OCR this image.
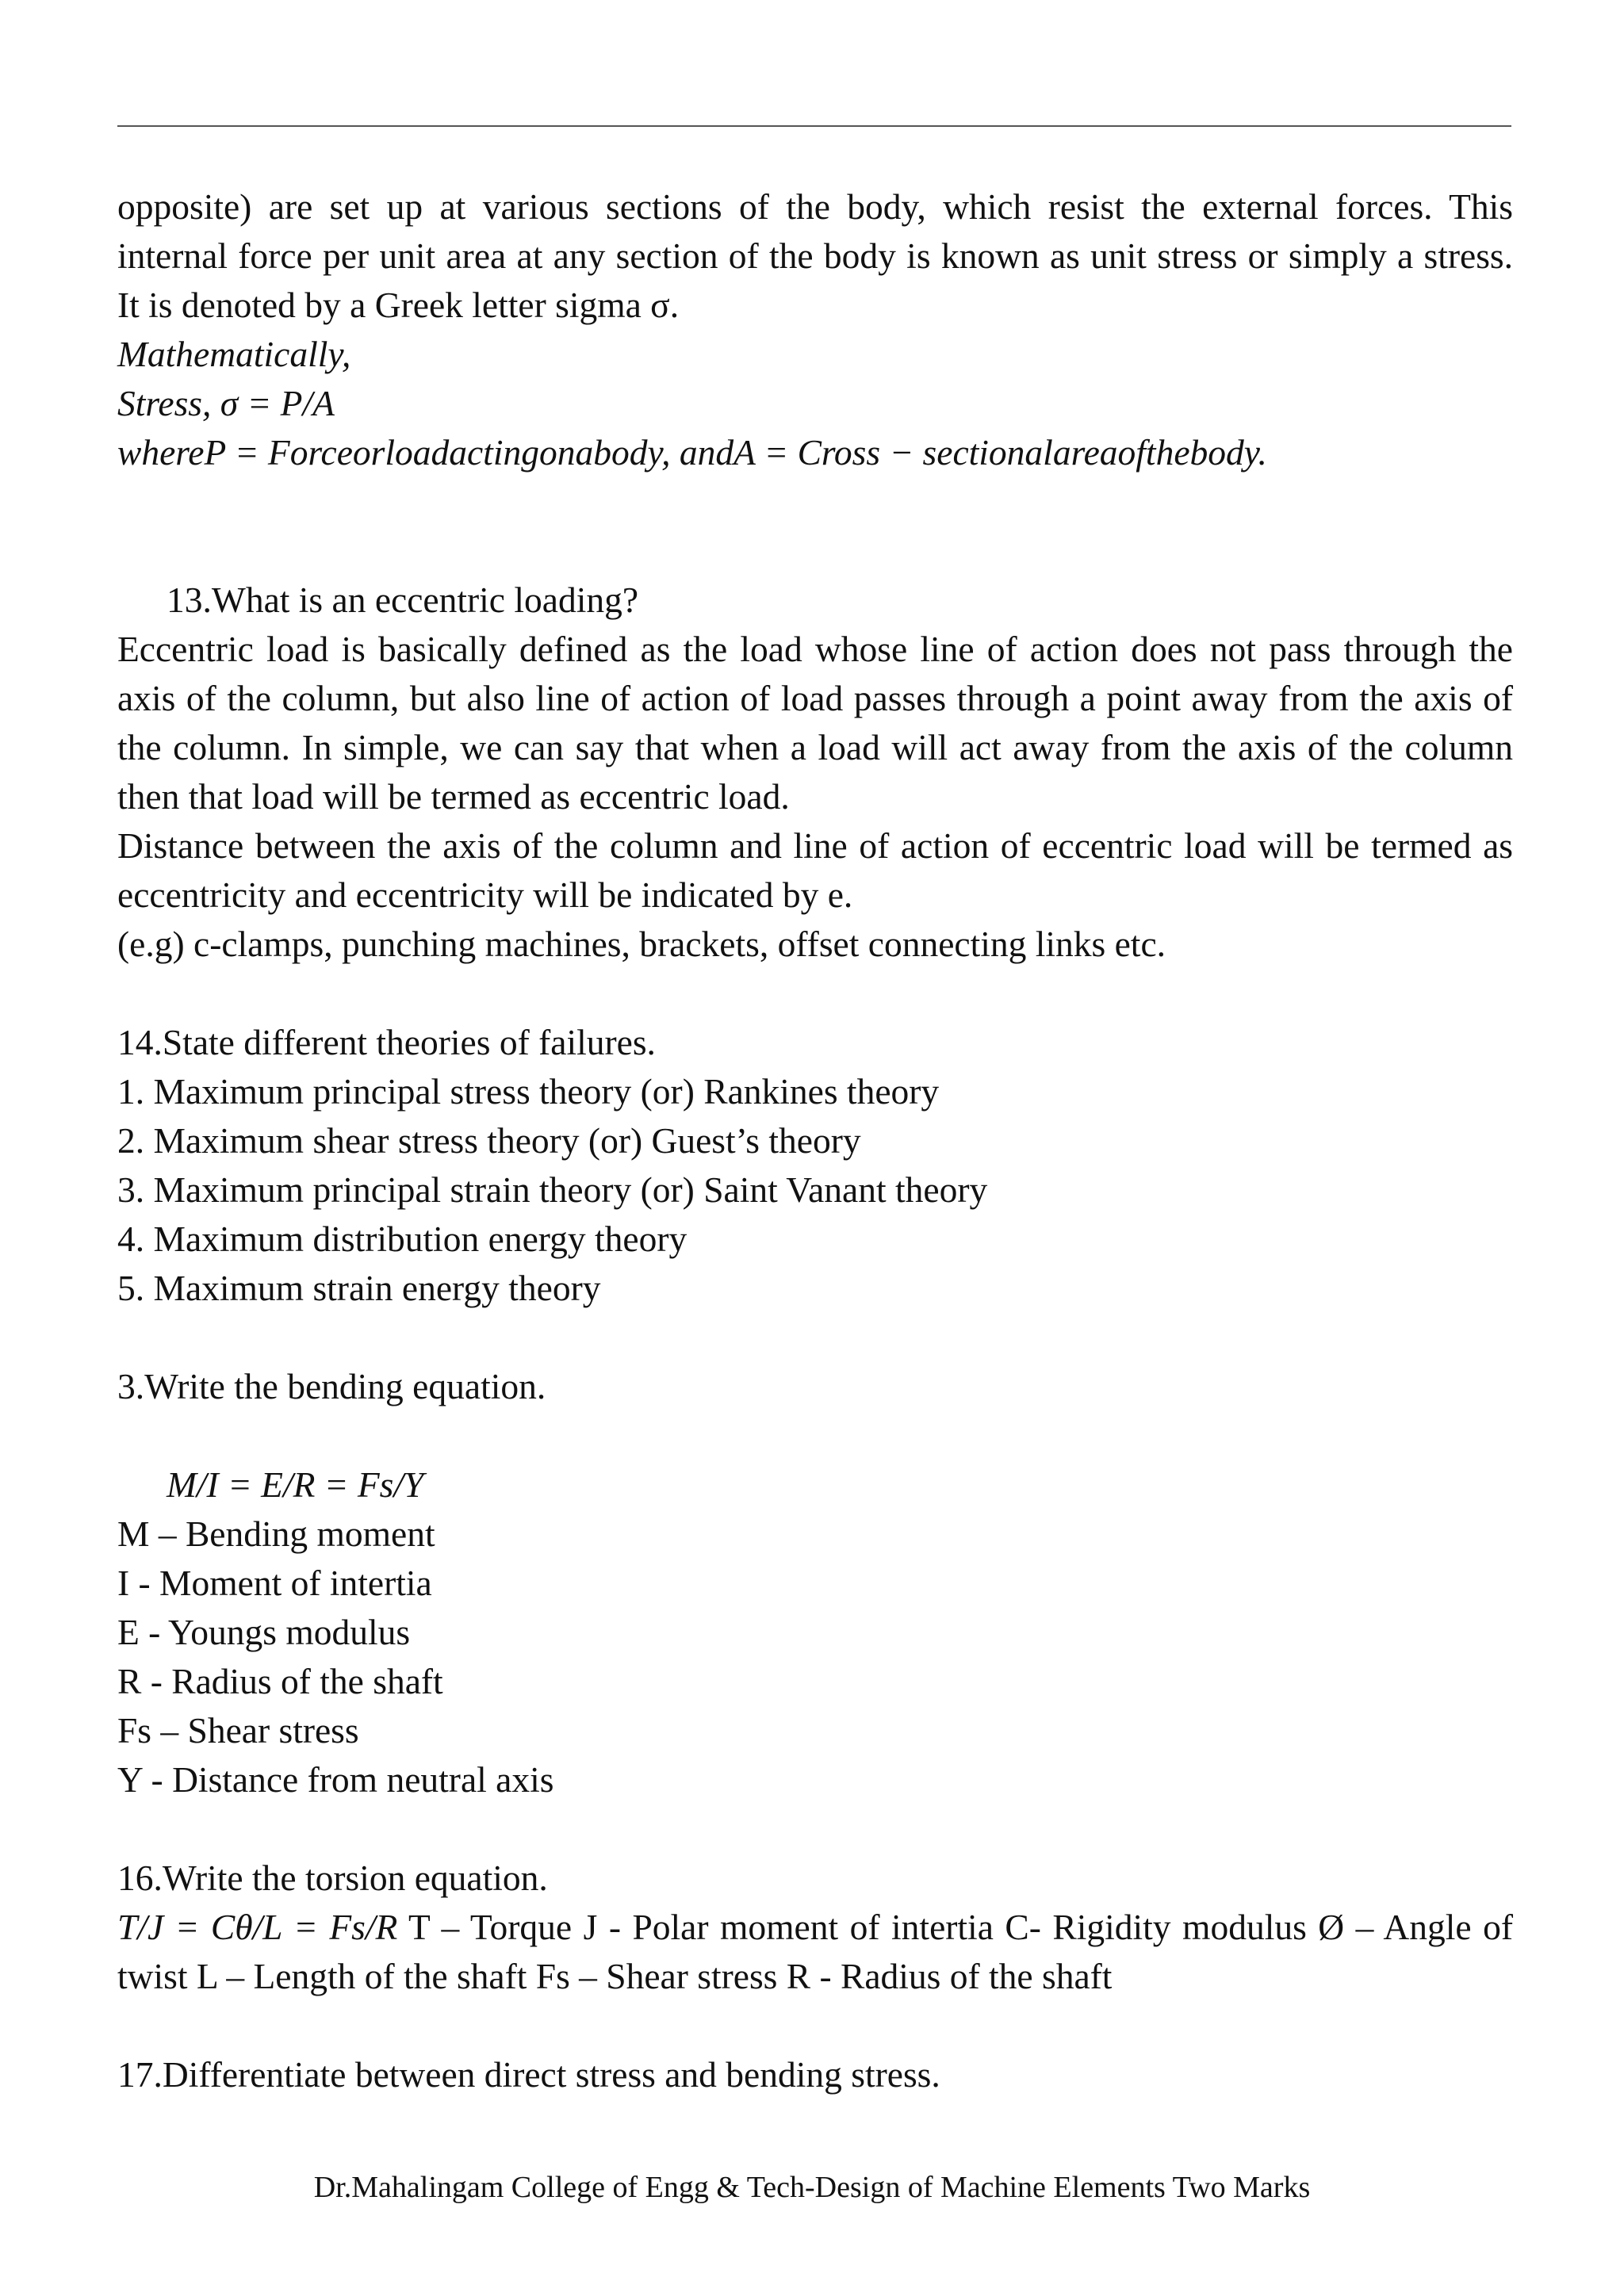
opposite) are set up at various sections of the body, which resist the external forces. This internal force per unit area at any section of the body is known as unit stress or simply a stress. It is denoted by a Greek letter sigma σ.

Mathematically,

Stress, σ = P/A

whereP = Forceorloadactingonabody, andA = Cross − sectionalareaofthebody.

13.What is an eccentric loading?

Eccentric load is basically defined as the load whose line of action does not pass through the axis of the column, but also line of action of load passes through a point away from the axis of the column. In simple, we can say that when a load will act away from the axis of the column then that load will be termed as eccentric load.

Distance between the axis of the column and line of action of eccentric load will be termed as eccentricity and eccentricity will be indicated by e.

(e.g) c-clamps, punching machines, brackets, offset connecting links etc.

14.State different theories of failures.

1. Maximum principal stress theory (or) Rankines theory

2. Maximum shear stress theory (or) Guest’s theory

3. Maximum principal strain theory (or) Saint Vanant theory

4. Maximum distribution energy theory

5. Maximum strain energy theory

3.Write the bending equation.

M/I = E/R = Fs/Y

M – Bending moment

I - Moment of intertia

E - Youngs modulus

R - Radius of the shaft

Fs – Shear stress

Y - Distance from neutral axis

16.Write the torsion equation.

T/J = Cθ/L = Fs/R T – Torque J - Polar moment of intertia C- Rigidity modulus Ø – Angle of twist L – Length of the shaft Fs – Shear stress R - Radius of the shaft

17.Differentiate between direct stress and bending stress.

Dr.Mahalingam College of Engg & Tech-Design of Machine Elements Two Marks
